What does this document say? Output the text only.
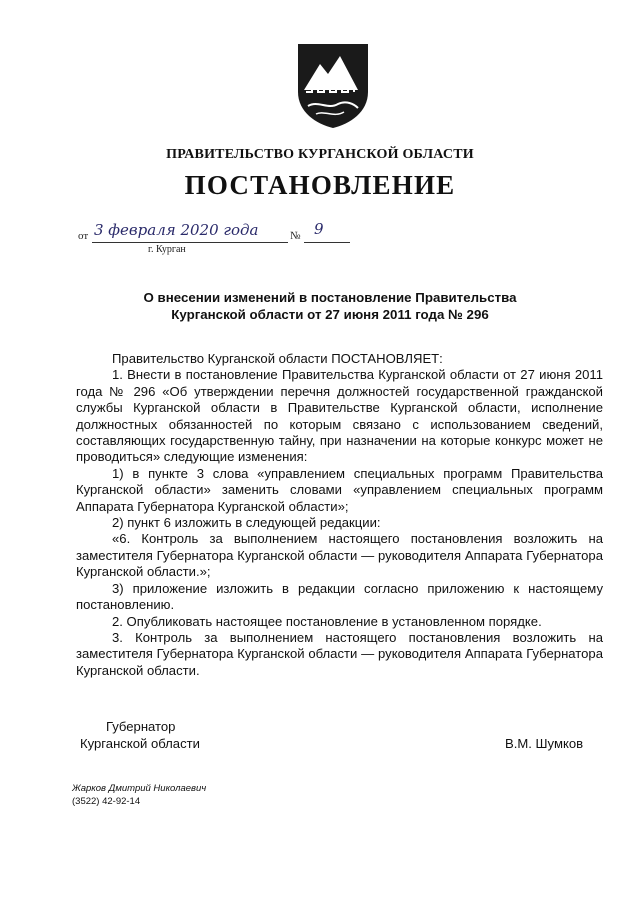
ПРАВИТЕЛЬСТВО КУРГАНСКОЙ ОБЛАСТИ
ПОСТАНОВЛЕНИЕ
от 3 февраля 2020 года	№ 9
г. Курган
О внесении изменений в постановление Правительства
Курганской области от 27 июня 2011 года № 296

Правительство Курганской области ПОСТАНОВЛЯЕТ:

1. Внести в постановление Правительства Курганской области от 27 июня 2011 года № 296 «Об утверждении перечня должностей государственной гражданской службы Курганской области в Правительстве Курганской области, исполнение должностных обязанностей по которым связано с использованием сведений, составляющих государственную тайну, при назначении на которые конкурс может не проводиться» следующие изменения:

1) в пункте 3 слова «управлением специальных программ Правительства Курганской области» заменить словами «управлением специальных программ Аппарата Губернатора Курганской области»;

2) пункт 6 изложить в следующей редакции:

«6. Контроль за выполнением настоящего постановления возложить на заместителя Губернатора Курганской области — руководителя Аппарата Губернатора Курганской области.»;

3) приложение изложить в редакции согласно приложению к настоящему постановлению.

2. Опубликовать настоящее постановление в установленном порядке.

3. Контроль за выполнением настоящего постановления возложить на заместителя Губернатора Курганской области — руководителя Аппарата Губернатора Курганской области.

Губернатор
Курганской области	В.М. Шумков
Жарков Дмитрий Николаевич
(3522) 42-92-14
